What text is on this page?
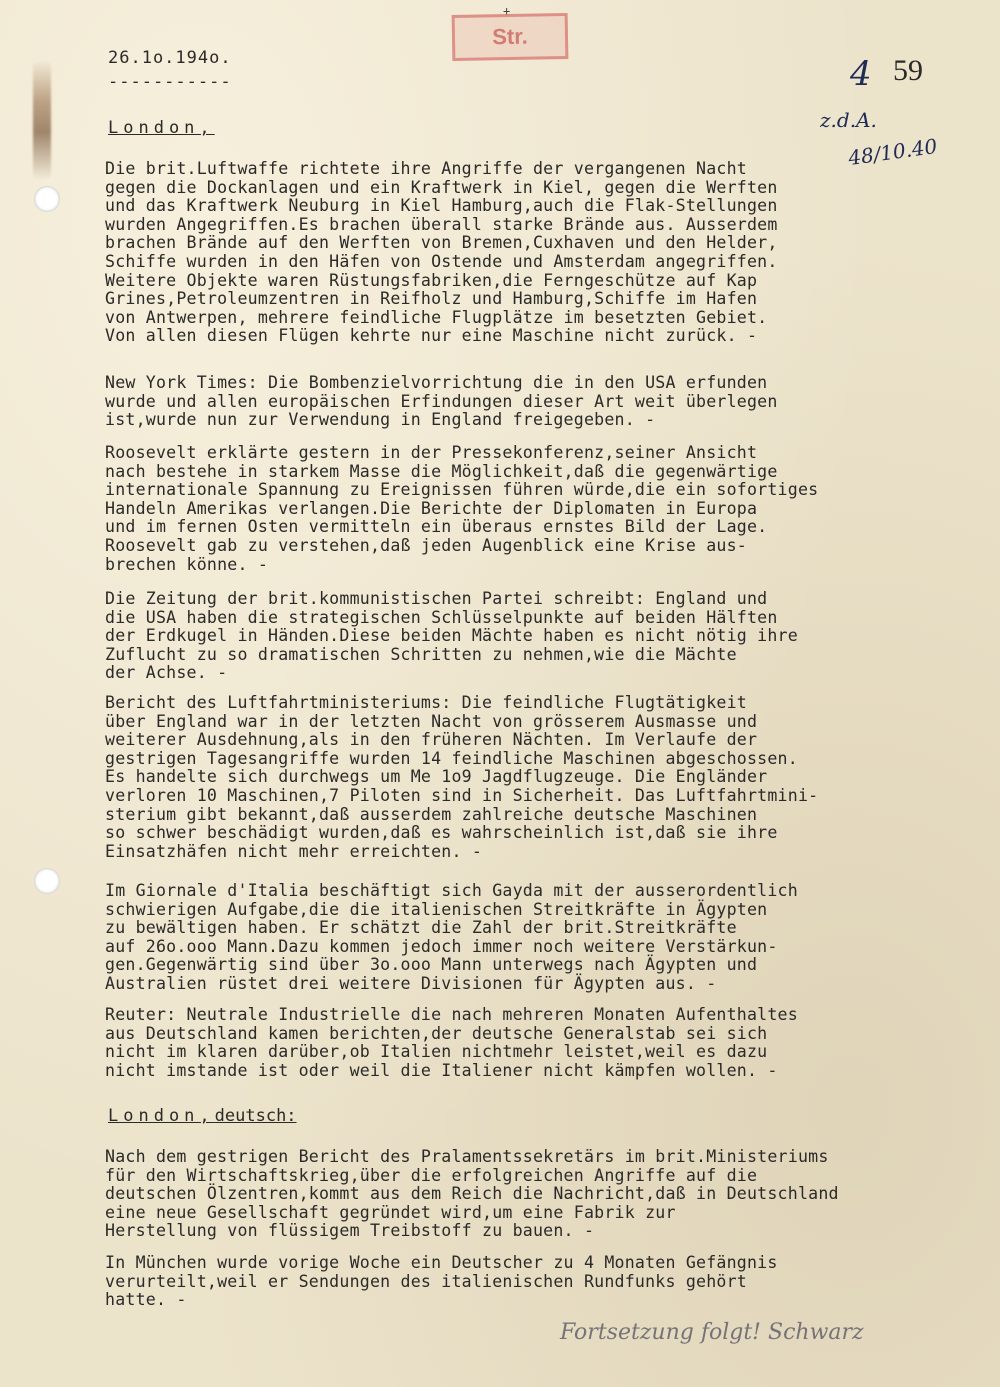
+
Str.
26.1o.194o.
-----------	4 59
z.d.A.
48/10.40
London,
Die brit.Luftwaffe richtete ihre Angriffe der vergangenen Nacht
gegen die Dockanlagen und ein Kraftwerk in Kiel, gegen die Werften
und das Kraftwerk Neuburg in Kiel Hamburg,auch die Flak-Stellungen
wurden Angegriffen.Es brachen überall starke Brände aus. Ausserdem
brachen Brände auf den Werften von Bremen,Cuxhaven und den Helder,
Schiffe wurden in den Häfen von Ostende und Amsterdam angegriffen.
Weitere Objekte waren Rüstungsfabriken,die Ferngeschütze auf Kap
Grines,Petroleumzentren in Reifholz und Hamburg,Schiffe im Hafen
von Antwerpen, mehrere feindliche Flugplätze im besetzten Gebiet.
Von allen diesen Flügen kehrte nur eine Maschine nicht zurück. -
New York Times: Die Bombenzielvorrichtung die in den USA erfunden
wurde und allen europäischen Erfindungen dieser Art weit überlegen
ist,wurde nun zur Verwendung in England freigegeben. -
Roosevelt erklärte gestern in der Pressekonferenz,seiner Ansicht
nach bestehe in starkem Masse die Möglichkeit,daß die gegenwärtige
internationale Spannung zu Ereignissen führen würde,die ein sofortiges
Handeln Amerikas verlangen.Die Berichte der Diplomaten in Europa
und im fernen Osten vermitteln ein überaus ernstes Bild der Lage.
Roosevelt gab zu verstehen,daß jeden Augenblick eine Krise aus-
brechen könne. -
Die Zeitung der brit.kommunistischen Partei schreibt: England und
die USA haben die strategischen Schlüsselpunkte auf beiden Hälften
der Erdkugel in Händen.Diese beiden Mächte haben es nicht nötig ihre
Zuflucht zu so dramatischen Schritten zu nehmen,wie die Mächte
der Achse. -
Bericht des Luftfahrtministeriums: Die feindliche Flugtätigkeit
über England war in der letzten Nacht von grösserem Ausmasse und
weiterer Ausdehnung,als in den früheren Nächten. Im Verlaufe der
gestrigen Tagesangriffe wurden 14 feindliche Maschinen abgeschossen.
Es handelte sich durchwegs um Me 1o9 Jagdflugzeuge. Die Engländer
verloren 10 Maschinen,7 Piloten sind in Sicherheit. Das Luftfahrtmini-
sterium gibt bekannt,daß ausserdem zahlreiche deutsche Maschinen
so schwer beschädigt wurden,daß es wahrscheinlich ist,daß sie ihre
Einsatzhäfen nicht mehr erreichten. -
Im Giornale d'Italia beschäftigt sich Gayda mit der ausserordentlich
schwierigen Aufgabe,die die italienischen Streitkräfte in Ägypten
zu bewältigen haben. Er schätzt die Zahl der brit.Streitkräfte
auf 26o.ooo Mann.Dazu kommen jedoch immer noch weitere Verstärkun-
gen.Gegenwärtig sind über 3o.ooo Mann unterwegs nach Ägypten und
Australien rüstet drei weitere Divisionen für Ägypten aus. -
Reuter: Neutrale Industrielle die nach mehreren Monaten Aufenthaltes
aus Deutschland kamen berichten,der deutsche Generalstab sei sich
nicht im klaren darüber,ob Italien nichtmehr leistet,weil es dazu
nicht imstande ist oder weil die Italiener nicht kämpfen wollen. -
London,deutsch:
Nach dem gestrigen Bericht des Pralamentssekretärs im brit.Ministeriums
für den Wirtschaftskrieg,über die erfolgreichen Angriffe auf die
deutschen Ölzentren,kommt aus dem Reich die Nachricht,daß in Deutschland
eine neue Gesellschaft gegründet wird,um eine Fabrik zur
Herstellung von flüssigem Treibstoff zu bauen. -
In München wurde vorige Woche ein Deutscher zu 4 Monaten Gefängnis
verurteilt,weil er Sendungen des italienischen Rundfunks gehört
hatte. -
Fortsetzung folgt! Schwarz
